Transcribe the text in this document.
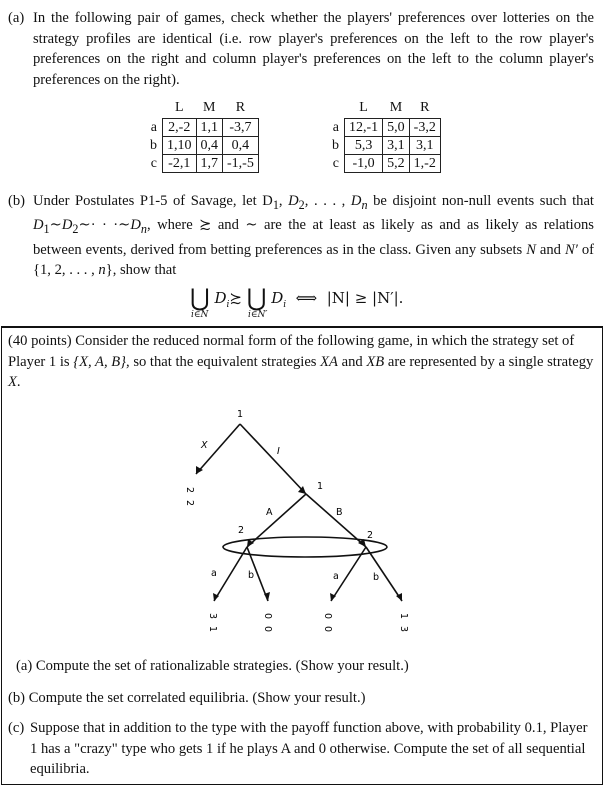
(a) In the following pair of games, check whether the players' preferences over lotteries on the strategy profiles are identical (i.e. row player's preferences on the left to the row player's preferences on the right and column player's preferences on the left to the column player's preferences on the right).
	L	M	R
a	2,-2	1,1	-3,7
b	1,10	0,4	0,4
c	-2,1	1,7	-1,-5
	L	M	R
a	12,-1	5,0	-3,2
b	5,3	3,1	3,1
c	-1,0	5,2	1,-2
(b) Under Postulates P1-5 of Savage, let $D_1$, $D_2$, . . . , $D_n$ be disjoint non-null events such that $D_1\sim D_2\sim\cdot$ · $\cdot\sim D_n$, where ≿ and ∼ are the at least as likely as and as likely as relations between events, derived from betting preferences as in the class. Given any subsets N and N′ of {1, 2, . . . , n}, show that
⋃ $D_i≿$ ⋃ $D_i$  ⟺  |N| ≥ |N′|.
i∈N	i∈N′
(40 points) Consider the reduced normal form of the following game, in which the strategy set of Player 1 is {X, A, B}, so that the equivalent strategies XA and XB are represented by a single strategy X.
1
X
I
2
2
1
A	B
2	2
a	b	a	b
3
1
0
0
0
0
1
3
(a) Compute the set of rationalizable strategies. (Show your result.)
(b) Compute the set correlated equilibria. (Show your result.)
(c) Suppose that in addition to the type with the payoff function above, with probability 0.1, Player 1 has a "crazy" type who gets 1 if he plays A and 0 otherwise. Compute the set of all sequential equilibria.
